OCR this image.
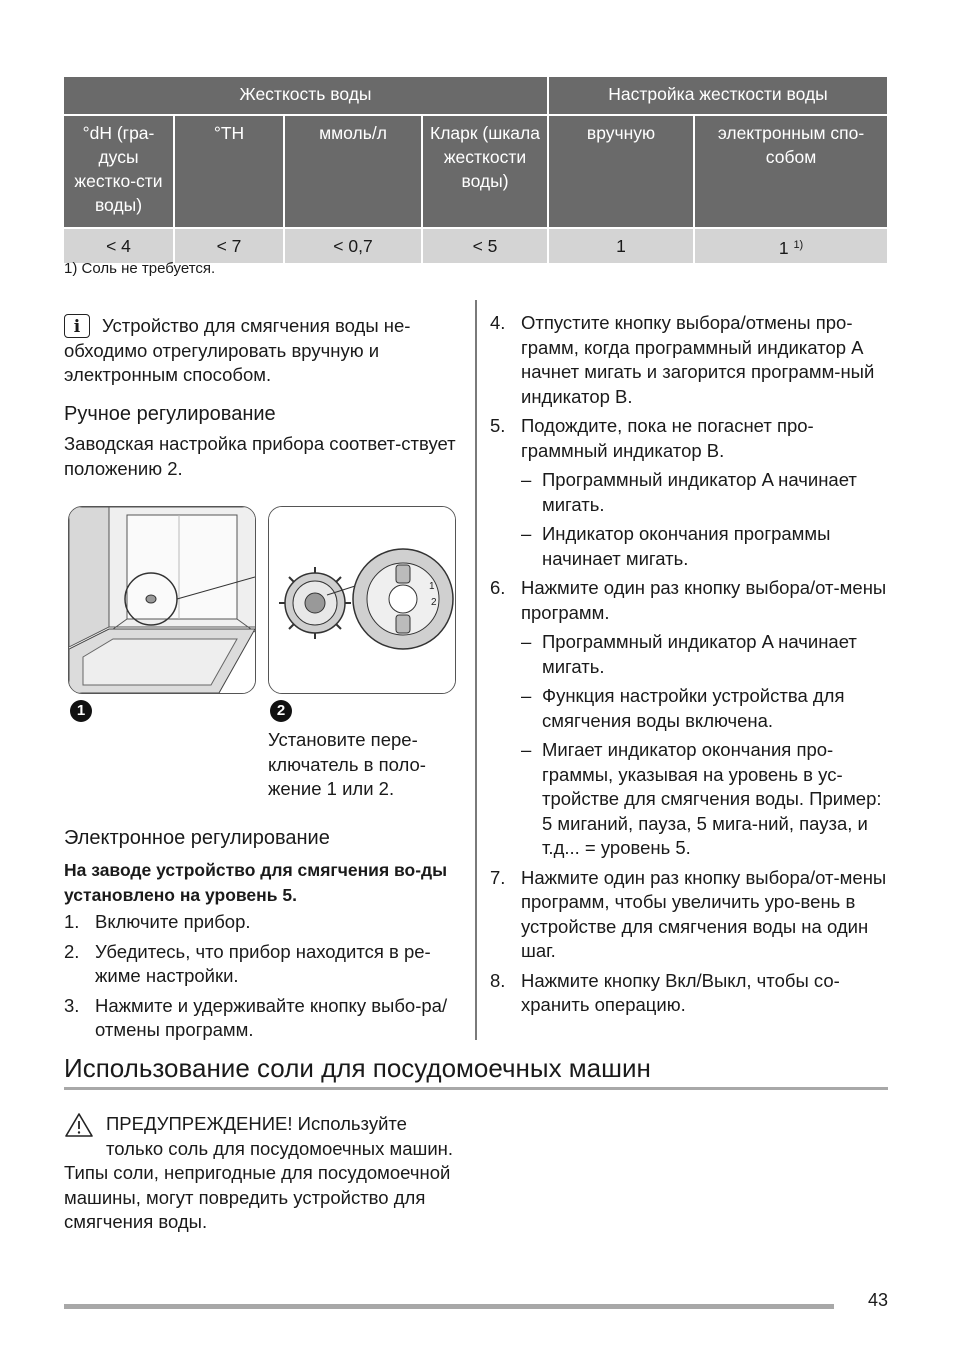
Жесткость воды				Настройка жесткости воды	
°dH (гра-дусы жестко-сти воды)	°TH	ммоль/л	Кларк (шкала жесткости воды)	вручную	электронным спо-собом
< 4	< 7	< 0,7	< 5	1	1 $^{1)}$
1) Соль не требуется.
i	Устройство для смягчения воды не-обходимо отрегулировать вручную и электронным способом.
Ручное регулирование
Заводская настройка прибора соответ-ствует положению 2.
1
1
2
2
Установите пере-ключатель в поло-жение 1 или 2.
Электронное регулирование
На заводе устройство для смягчения во-ды установлено на уровень 5.
1. Включите прибор.
2. Убедитесь, что прибор находится в ре-жиме настройки.
3. Нажмите и удерживайте кнопку выбо-ра/отмены программ.
4. Отпустите кнопку выбора/отмены про-грамм, когда программный индикатор A начнет мигать и загорится программ-ный индикатор B.
5. Подождите, пока не погаснет про-граммный индикатор B.
– Программный индикатор A начинает мигать.
– Индикатор окончания программы начинает мигать.
6. Нажмите один раз кнопку выбора/от-мены программ.
– Программный индикатор A начинает мигать.
– Функция настройки устройства для смягчения воды включена.
– Мигает индикатор окончания про-граммы, указывая на уровень в ус-тройстве для смягчения воды. Пример: 5 миганий, пауза, 5 мига-ний, пауза, и т.д... = уровень 5.
7. Нажмите один раз кнопку выбора/от-мены программ, чтобы увеличить уро-вень в устройстве для смягчения воды на один шаг.
8. Нажмите кнопку Вкл/Выкл, чтобы со-хранить операцию.
Использование соли для посудомоечных машин
ПРЕДУПРЕЖДЕНИЕ! Используйте только соль для посудомоечных машин. Типы соли, непригодные для посудомоечной машины, могут повредить устройство для смягчения воды.
43
